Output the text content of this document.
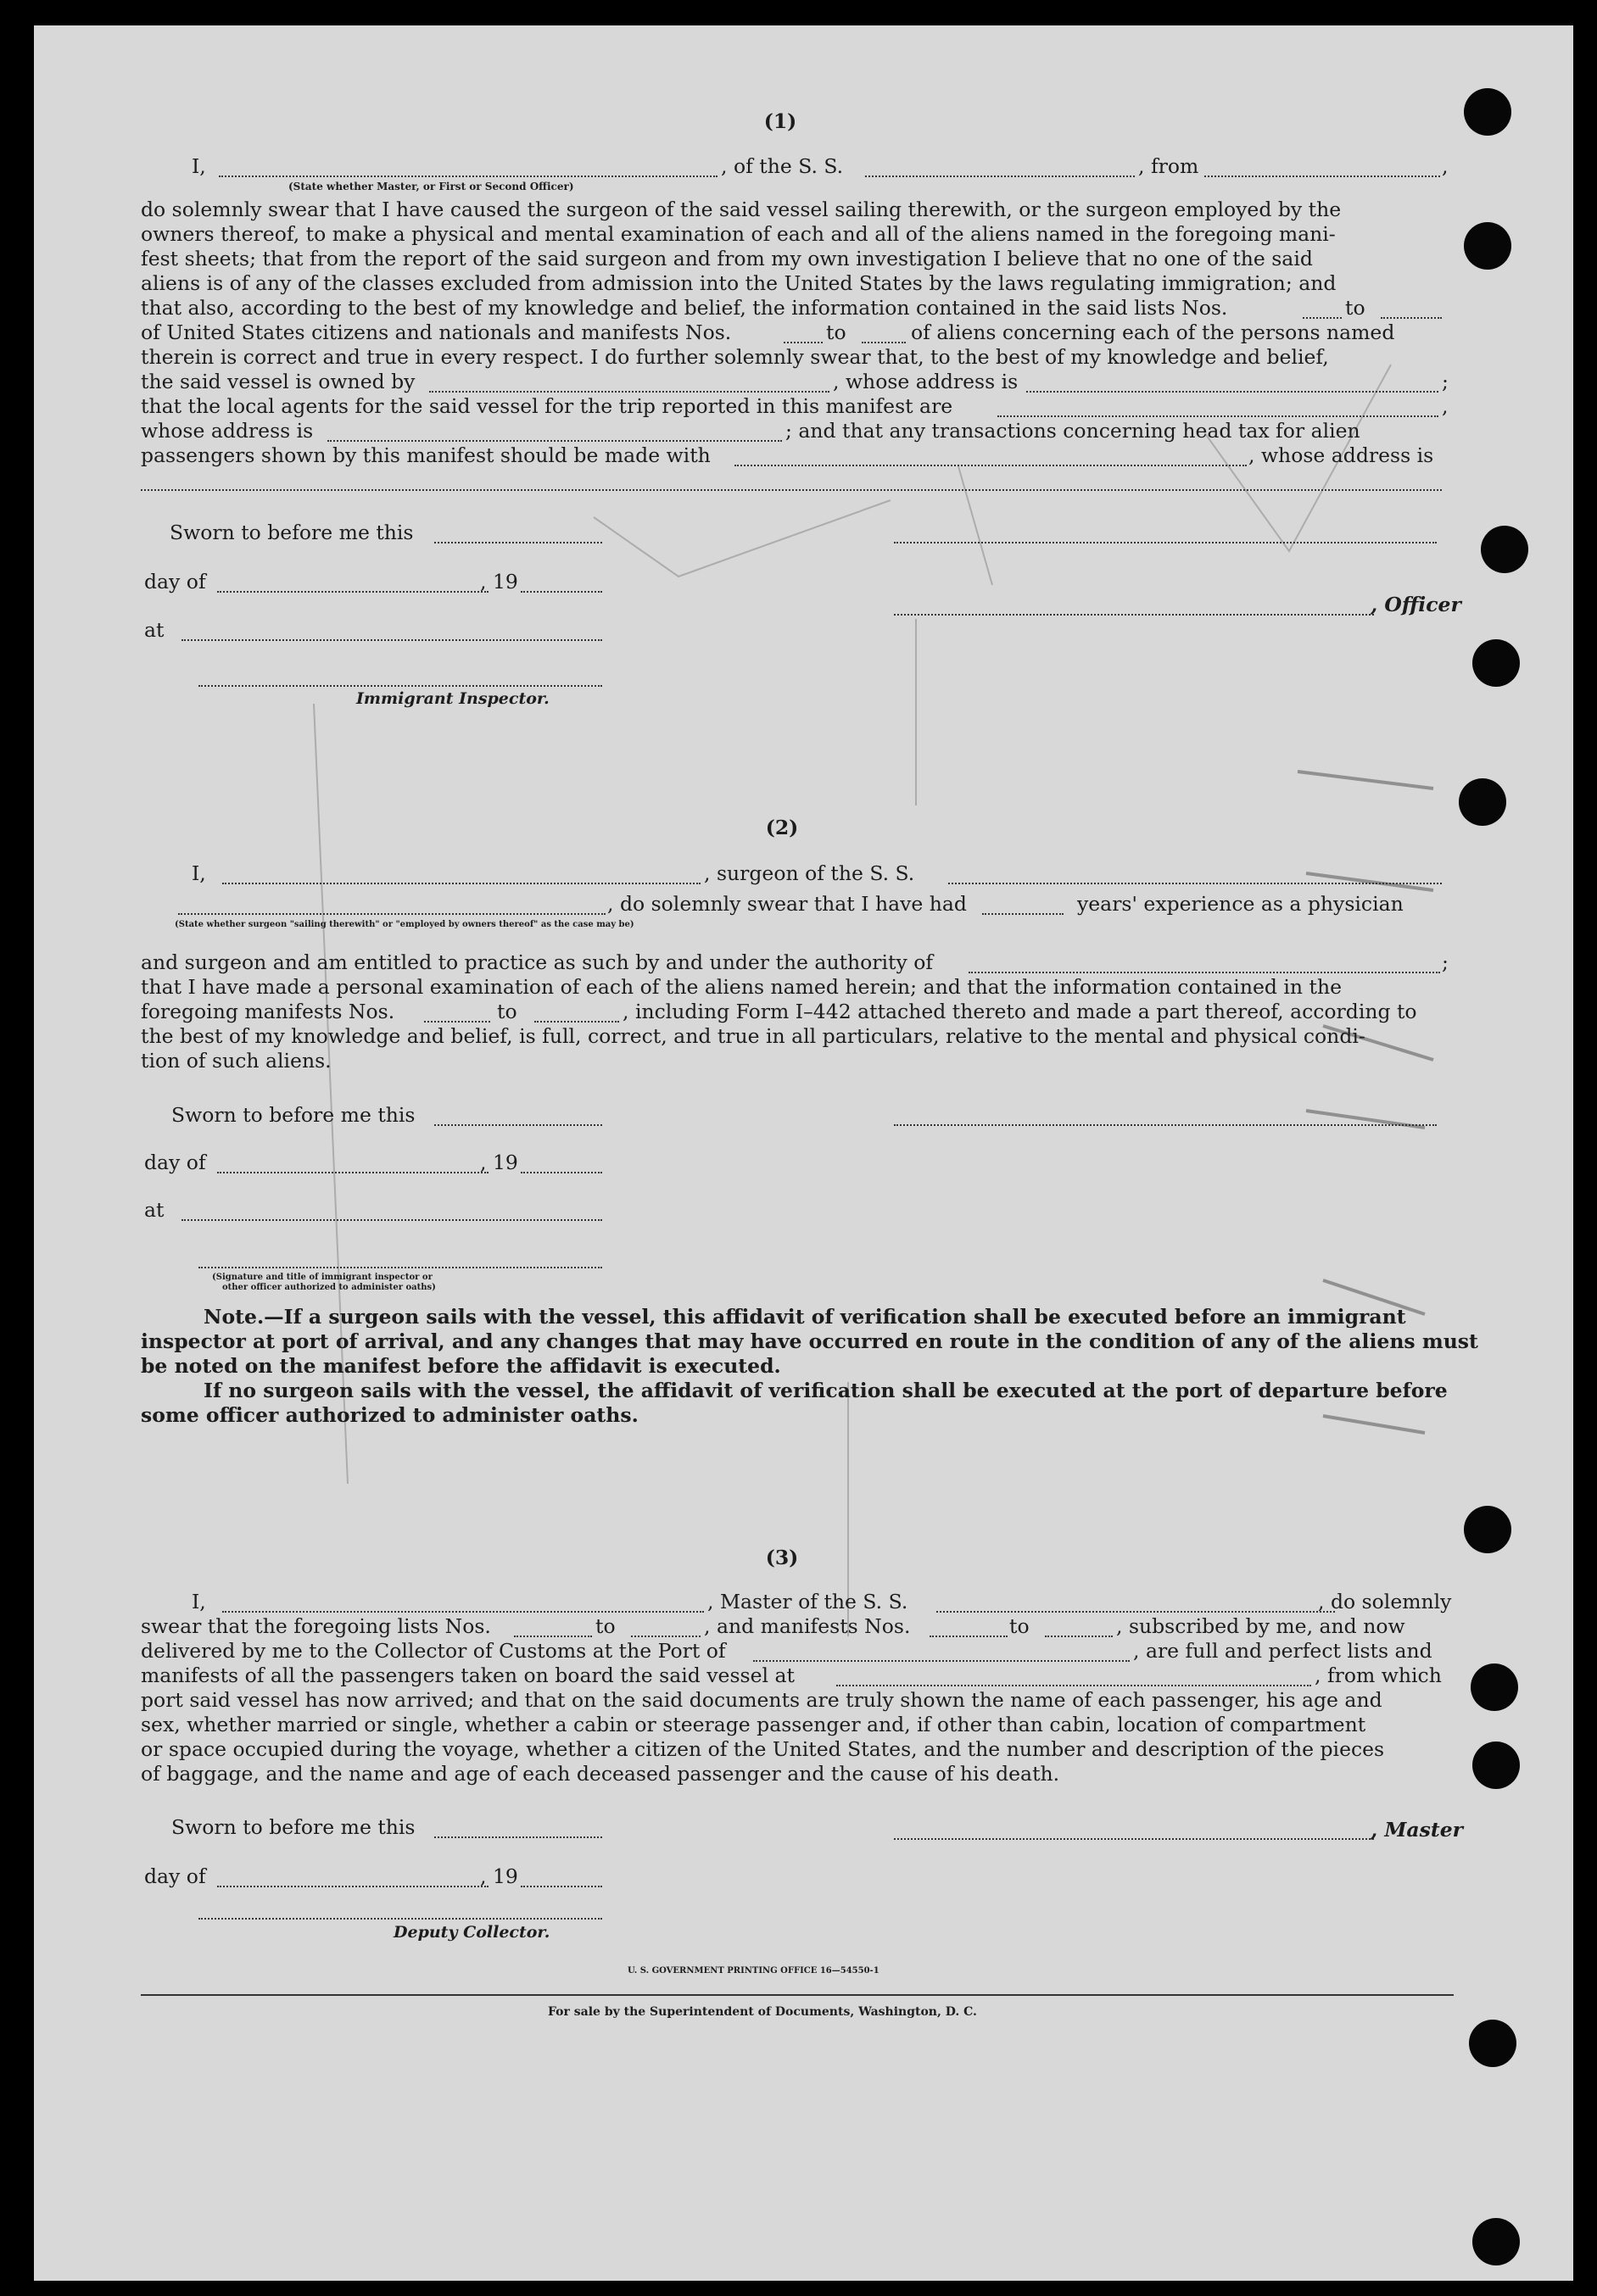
(1)
I,	, of the S. S.	, from	,
(State whether Master, or First or Second Officer)
do solemnly swear that I have caused the surgeon of the said vessel sailing therewith, or the surgeon employed by the
owners thereof, to make a physical and mental examination of each and all of the aliens named in the foregoing mani-
fest sheets; that from the report of the said surgeon and from my own investigation I believe that no one of the said
aliens is of any of the classes excluded from admission into the United States by the laws regulating immigration; and
that also, according to the best of my knowledge and belief, the information contained in the said lists Nos.	to
of United States citizens and nationals and manifests Nos.	to	of aliens concerning each of the persons named
therein is correct and true in every respect. I do further solemnly swear that, to the best of my knowledge and belief,
the said vessel is owned by	, whose address is	;
that the local agents for the said vessel for the trip reported in this manifest are	,
whose address is	; and that any transactions concerning head tax for alien
passengers shown by this manifest should be made with	, whose address is
Sworn to before me this
day of	, 19
, Officer
at
Immigrant Inspector.
(2)
I,	, surgeon of the S. S.
, do solemnly swear that I have had	years' experience as a physician
(State whether surgeon "sailing therewith" or "employed by owners thereof" as the case may be)
and surgeon and am entitled to practice as such by and under the authority of	;
that I have made a personal examination of each of the aliens named herein; and that the information contained in the
foregoing manifests Nos.	to	, including Form I–442 attached thereto and made a part thereof, according to
the best of my knowledge and belief, is full, correct, and true in all particulars, relative to the mental and physical condi-
tion of such aliens.
Sworn to before me this
day of	, 19
at
(Signature and title of immigrant inspector or
other officer authorized to administer oaths)
Note.—If a surgeon sails with the vessel, this affidavit of verification shall be executed before an immigrant
inspector at port of arrival, and any changes that may have occurred en route in the condition of any of the aliens must
be noted on the manifest before the affidavit is executed.
If no surgeon sails with the vessel, the affidavit of verification shall be executed at the port of departure before
some officer authorized to administer oaths.
(3)
I,	, Master of the S. S.	, do solemnly
swear that the foregoing lists Nos.	to	, and manifests Nos.	to	, subscribed by me, and now
delivered by me to the Collector of Customs at the Port of	, are full and perfect lists and
manifests of all the passengers taken on board the said vessel at	, from which
port said vessel has now arrived; and that on the said documents are truly shown the name of each passenger, his age and
sex, whether married or single, whether a cabin or steerage passenger and, if other than cabin, location of compartment
or space occupied during the voyage, whether a citizen of the United States, and the number and description of the pieces
of baggage, and the name and age of each deceased passenger and the cause of his death.
Sworn to before me this	, Master
day of	, 19
Deputy Collector.
U. S. GOVERNMENT PRINTING OFFICE 16—54550-1
For sale by the Superintendent of Documents, Washington, D. C.
